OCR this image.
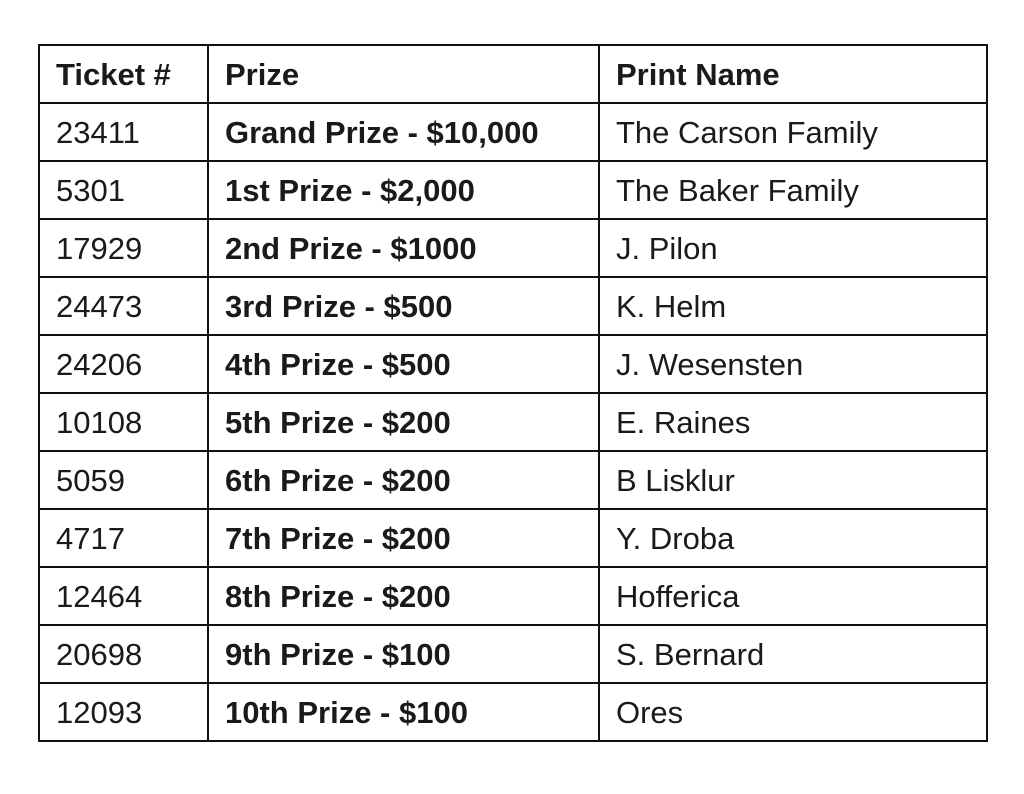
Ticket #	Prize	Print Name
23411	Grand Prize - $10,000	The Carson Family
5301	1st Prize - $2,000	The Baker Family
17929	2nd Prize - $1000	J. Pilon
24473	3rd Prize - $500	K. Helm
24206	4th Prize - $500	J. Wesensten
10108	5th Prize - $200	E. Raines
5059	6th Prize - $200	B Lisklur
4717	7th Prize - $200	Y. Droba
12464	8th Prize - $200	Hofferica
20698	9th Prize - $100	S. Bernard
12093	10th Prize - $100	Ores
